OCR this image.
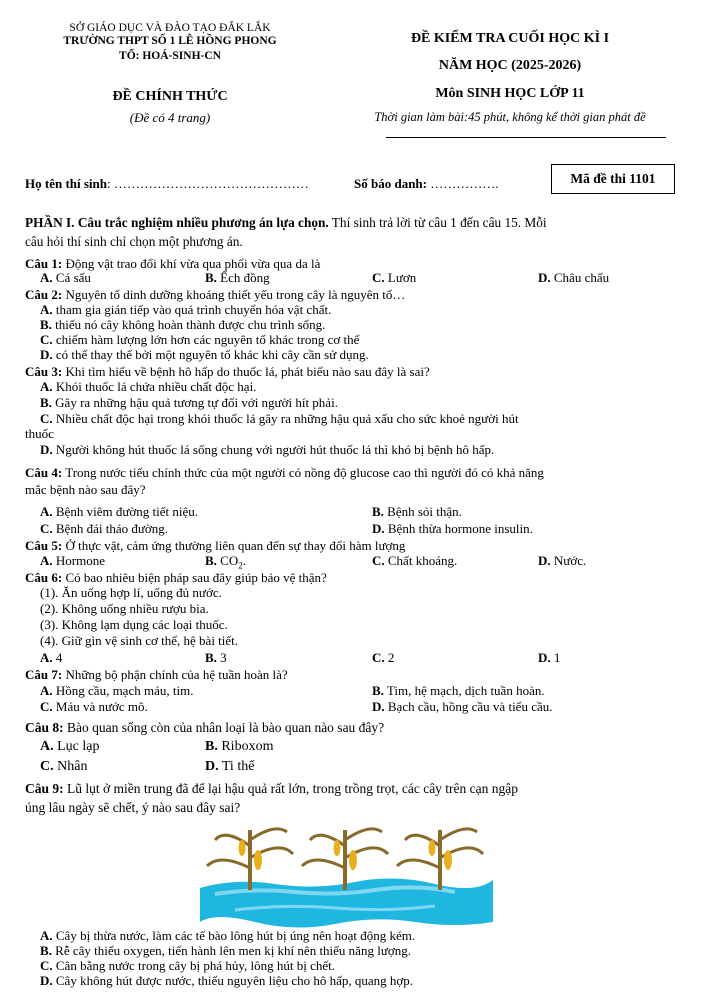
SỞ GIÁO DỤC VÀ ĐÀO TẠO ĐẮK LẮK
TRƯỜNG THPT SỐ 1 LÊ HỒNG PHONG
TỔ: HOÁ-SINH-CN
ĐỀ CHÍNH THỨC
(Đề có 4 trang)
ĐỀ KIỂM TRA CUỐI HỌC KÌ I
NĂM HỌC (2025-2026)
Môn SINH HỌC LỚP 11
Thời gian làm bài:45 phút, không kể thời gian phát đề
Họ tên thí sinh: ………………………………………	Số báo danh: …………….	Mã đề thi 1101
PHẦN I. Câu trắc nghiệm nhiều phương án lựa chọn. Thí sinh trả lời từ câu 1 đến câu 15. Mỗi
câu hỏi thí sinh chỉ chọn một phương án.
Câu 1: Động vật trao đổi khí vừa qua phổi vừa qua da là
A. Cá sấu	B. Ếch đồng	C. Lươn	D. Châu chấu
Câu 2: Nguyên tố dinh dưỡng khoáng thiết yếu trong cây là nguyên tố…
A. tham gia gián tiếp vào quá trình chuyển hóa vật chất.
B. thiếu nó cây không hoàn thành được chu trình sống.
C. chiếm hàm lượng lớn hơn các nguyên tố khác trong cơ thể
D. có thể thay thế bởi một nguyên tố khác khi cây cần sử dụng.
Câu 3: Khi tìm hiểu về bệnh hô hấp do thuốc lá, phát biểu nào sau đây là sai?
A. Khói thuốc lá chứa nhiều chất độc hại.
B. Gây ra những hậu quả tương tự đối với người hít phải.
C. Nhiều chất độc hại trong khói thuốc lá gây ra những hậu quả xấu cho sức khoẻ người hút
thuốc
D. Người không hút thuốc lá sống chung với người hút thuốc lá thì khó bị bệnh hô hấp.
Câu 4: Trong nước tiểu chính thức của một người có nồng độ glucose cao thì người đó có khả năng
mắc bệnh nào sau đây?
A. Bệnh viêm đường tiết niệu.	B. Bệnh sỏi thận.
C. Bệnh đái tháo đường.	D. Bệnh thừa hormone insulin.
Câu 5: Ở thực vật, cảm ứng thường liên quan đến sự thay đổi hàm lượng
A. Hormone	B. $CO_2$.	C. Chất khoáng.	D. Nước.
Câu 6: Có bao nhiêu biện pháp sau đây giúp bảo vệ thận?
(1). Ăn uống hợp lí, uống đủ nước.
(2). Không uống nhiều rượu bia.
(3). Không lạm dụng các loại thuốc.
(4). Giữ gìn vệ sinh cơ thể, hệ bài tiết.
A. 4	B. 3	C. 2	D. 1
Câu 7: Những bộ phận chính của hệ tuần hoàn là?
A. Hồng cầu, mạch máu, tim.	B. Tim, hệ mạch, dịch tuần hoàn.
C. Máu và nước mô.	D. Bạch cầu, hồng cầu và tiểu cầu.
Câu 8: Bào quan sống còn của nhân loại là bào quan nào sau đây?
A. Lục lạp	B. Riboxom
C. Nhân	D. Ti thể
Câu 9: Lũ lụt ở miền trung đã để lại hậu quả rất lớn, trong trồng trọt, các cây trên cạn ngập
úng lâu ngày sẽ chết, ý nào sau đây sai?
A. Cây bị thừa nước, làm các tế bào lông hút bị úng nên hoạt động kém.
B. Rễ cây thiếu oxygen, tiến hành lên men kị khí nên thiếu năng lượng.
C. Cân bằng nước trong cây bị phá hủy, lông hút bị chết.
D. Cây không hút được nước, thiếu nguyên liệu cho hô hấp, quang hợp.
